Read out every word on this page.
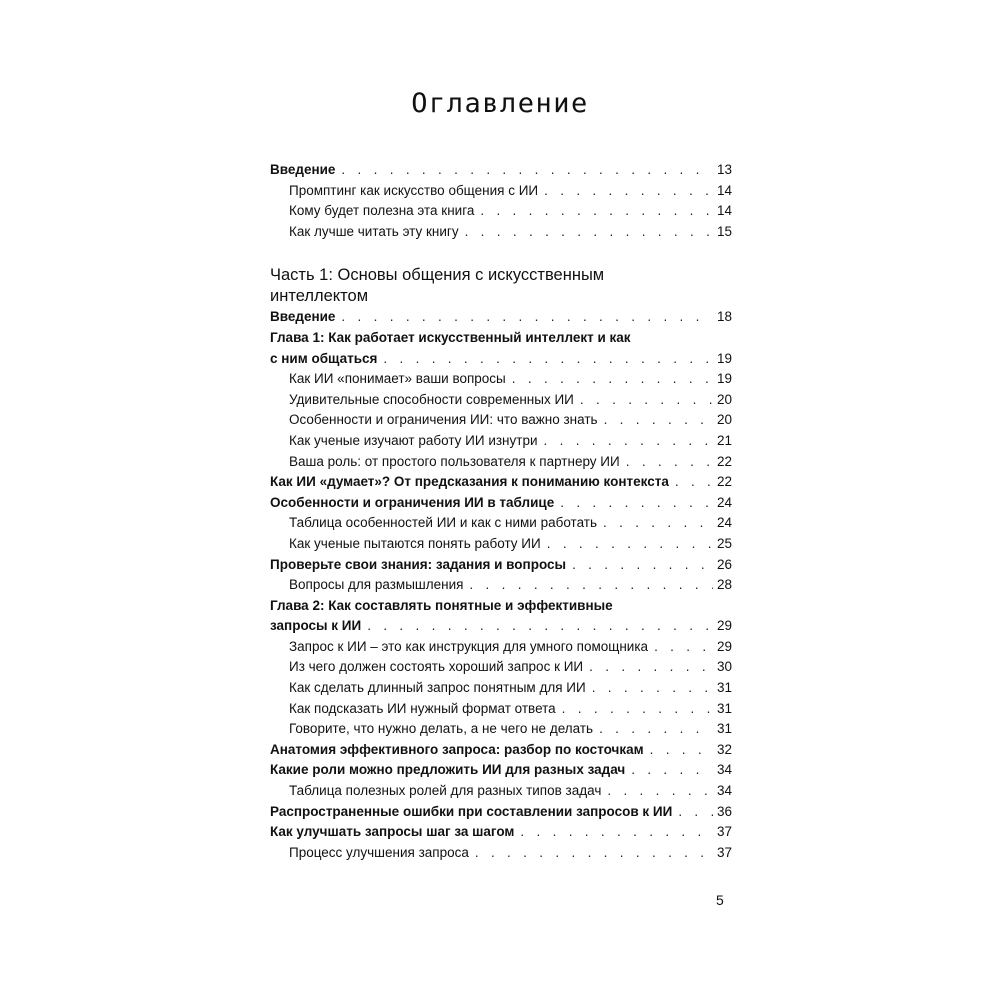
Оглавление
Введение . . .	13
Промптинг как искусство общения с ИИ . . .	14
Кому будет полезна эта книга . . .	14
Как лучше читать эту книгу . . .	15
Часть 1: Основы общения с искусственным
интеллектом
Введение . . .	18
Глава 1: Как работает искусственный интеллект и как
с ним общаться . . .	19
Как ИИ «понимает» ваши вопросы . . .	19
Удивительные способности современных ИИ . . .	20
Особенности и ограничения ИИ: что важно знать . . .	20
Как ученые изучают работу ИИ изнутри . . .	21
Ваша роль: от простого пользователя к партнеру ИИ . . .	22
Как ИИ «думает»? От предсказания к пониманию контекста . . .	22
Особенности и ограничения ИИ в таблице . . .	24
Таблица особенностей ИИ и как с ними работать . . .	24
Как ученые пытаются понять работу ИИ . . .	25
Проверьте свои знания: задания и вопросы . . .	26
Вопросы для размышления . . .	28
Глава 2: Как составлять понятные и эффективные
запросы к ИИ . . .	29
Запрос к ИИ – это как инструкция для умного помощника . . .	29
Из чего должен состоять хороший запрос к ИИ . . .	30
Как сделать длинный запрос понятным для ИИ . . .	31
Как подсказать ИИ нужный формат ответа . . .	31
Говорите, что нужно делать, а не чего не делать . . .	31
Анатомия эффективного запроса: разбор по косточкам . . .	32
Какие роли можно предложить ИИ для разных задач . . .	34
Таблица полезных ролей для разных типов задач . . .	34
Распространенные ошибки при составлении запросов к ИИ . . .	36
Как улучшать запросы шаг за шагом . . .	37
Процесс улучшения запроса . . .	37
5
